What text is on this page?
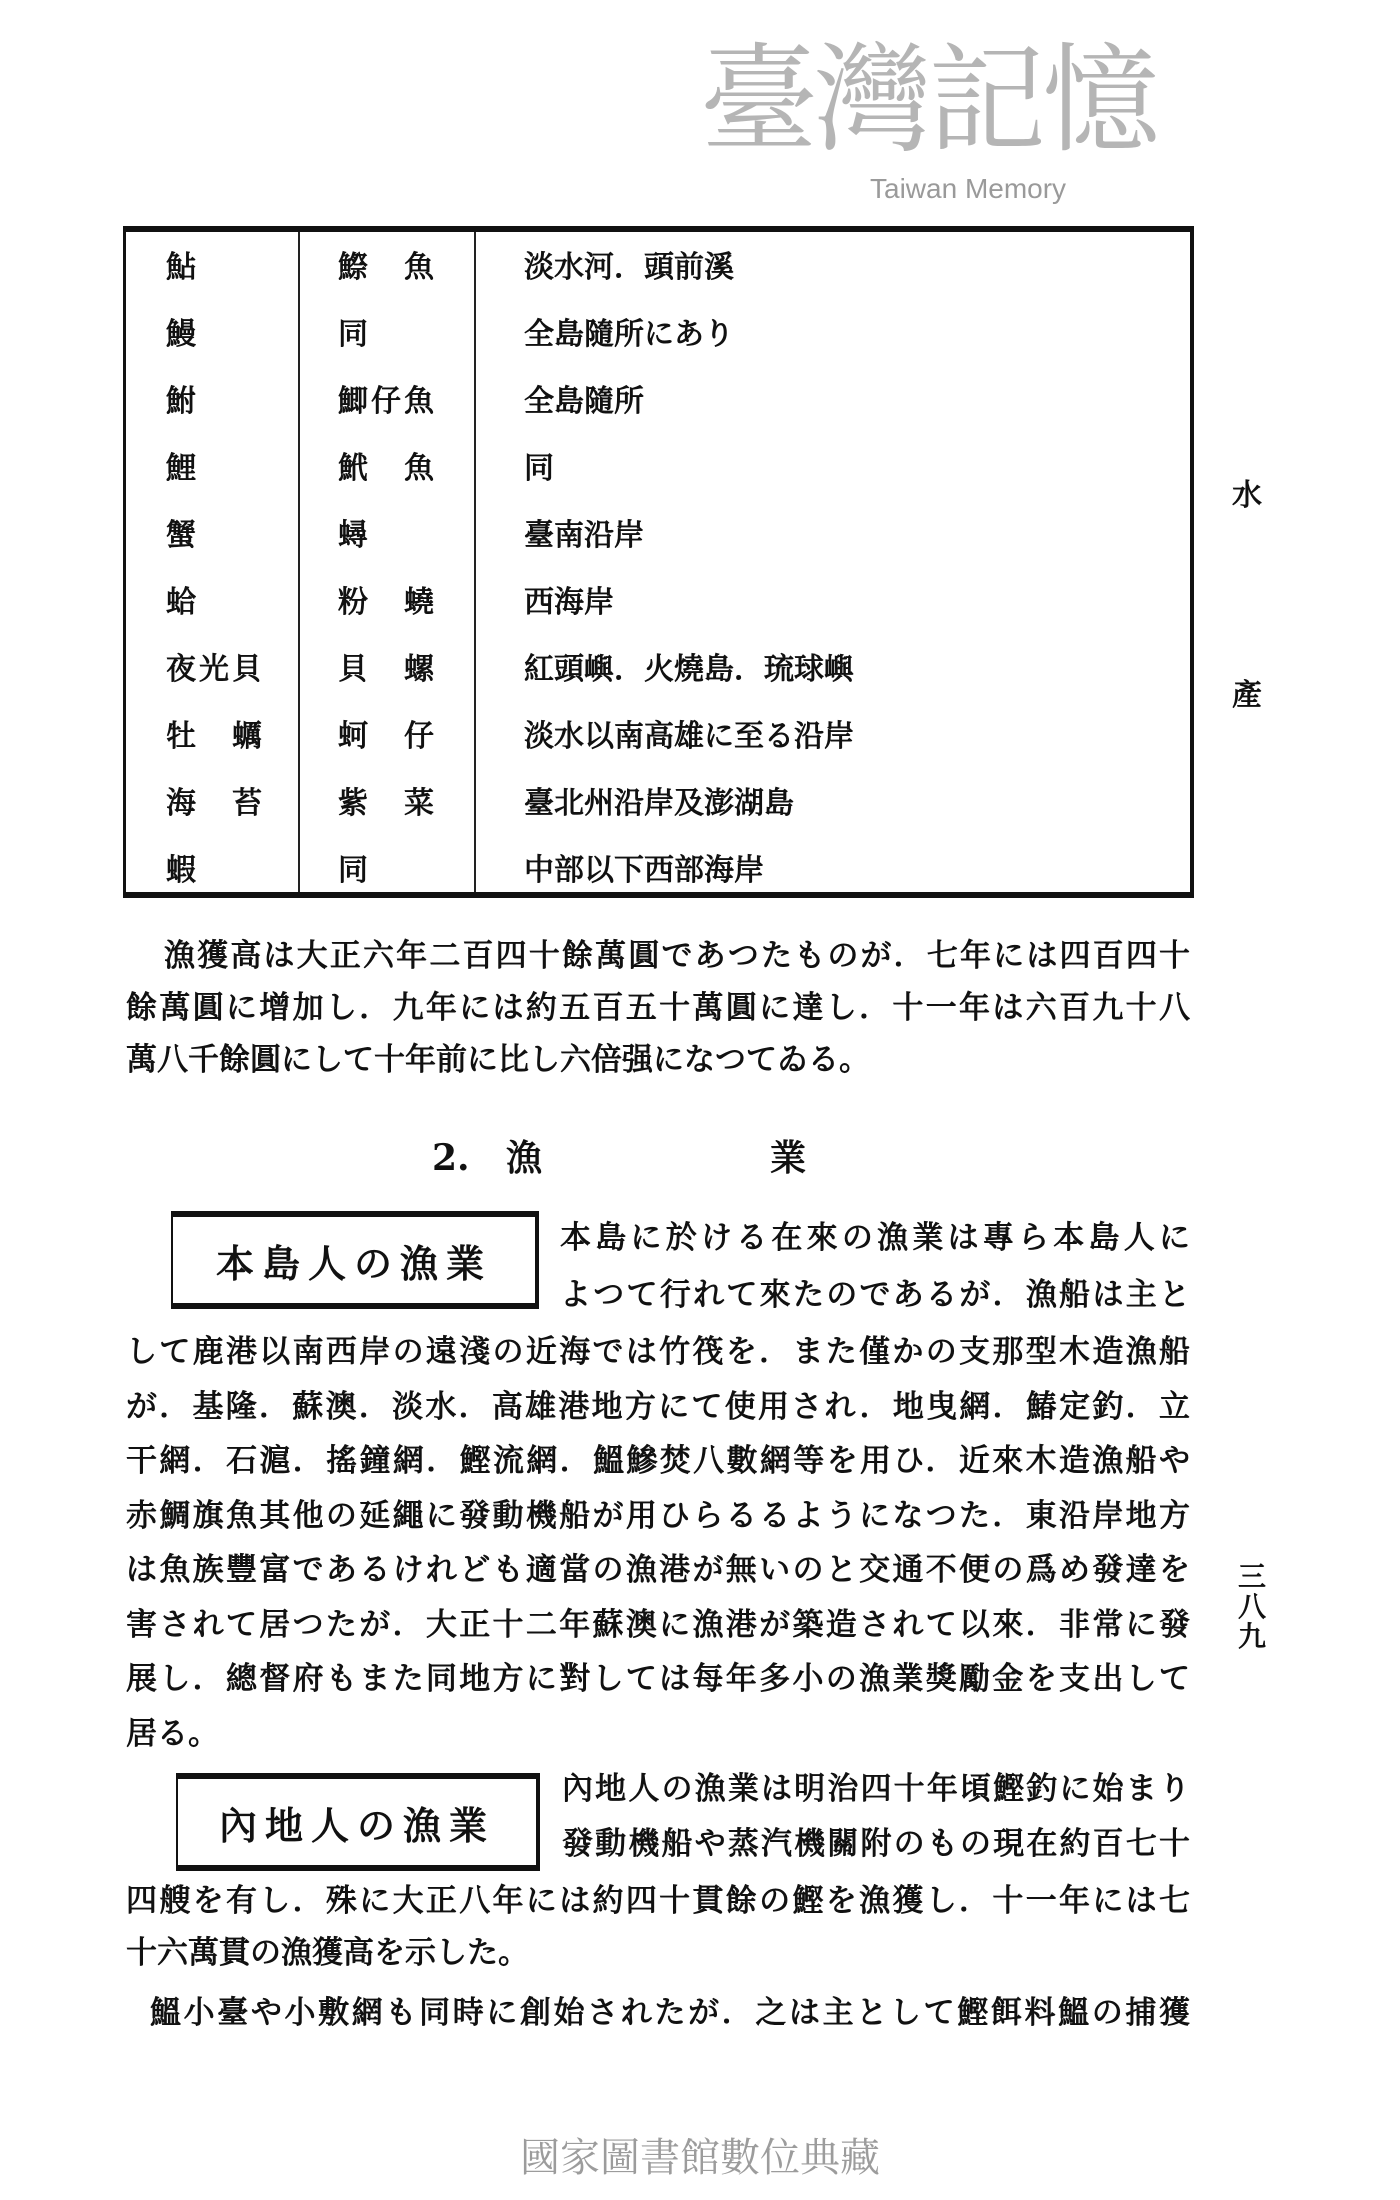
鮎	鰶　魚	淡水河．頭前溪
鰻	同	全島隨所にあり
鮒	鯽仔魚	全島隨所
鯉	鮘　魚	同
蟹	蟳	臺南沿岸
蛤	粉　蟯	西海岸
夜光貝	貝　螺	紅頭嶼．火燒島．琉球嶼
牡　蠣	蚵　仔	淡水以南高雄に至る沿岸
海　苔	紫　菜	臺北州沿岸及澎湖島
蝦	同	中部以下西部海岸
漁獲高は大正六年二百四十餘萬圓であつたものが．七年には四百四十
餘萬圓に增加し．九年には約五百五十萬圓に達し．十一年は六百九十八
萬八千餘圓にして十年前に比し六倍强になつてゐる。
2. 漁	業
臺灣記憶
Taiwan Memory
本島人の漁業
本島に於ける在來の漁業は專ら本島人に
よつて行れて來たのであるが．漁船は主と
して鹿港以南西岸の遠淺の近海では竹筏を．また僅かの支那型木造漁船
が．基隆．蘇澳．淡水．高雄港地方にて使用され．地曳網．鰆定釣．立
干網．石滬．搖鐘網．鰹流網．鰮鰺焚八數網等を用ひ．近來木造漁船や
赤鯛旗魚其他の延繩に發動機船が用ひらるるようになつた．東沿岸地方
は魚族豐富であるけれども適當の漁港が無いのと交通不便の爲め發達を
害されて居つたが．大正十二年蘇澳に漁港が築造されて以來．非常に發
展し．總督府もまた同地方に對しては每年多小の漁業獎勵金を支出して
居る。
內地人の漁業
內地人の漁業は明治四十年頃鰹釣に始まり
發動機船や蒸汽機關附のもの現在約百七十
四艘を有し．殊に大正八年には約四十貫餘の鰹を漁獲し．十一年には七
十六萬貫の漁獲高を示した。
鰮小臺や小敷網も同時に創始されたが．之は主として鰹餌料鰮の捕獲
水
產
三八九
國家圖書館數位典藏
